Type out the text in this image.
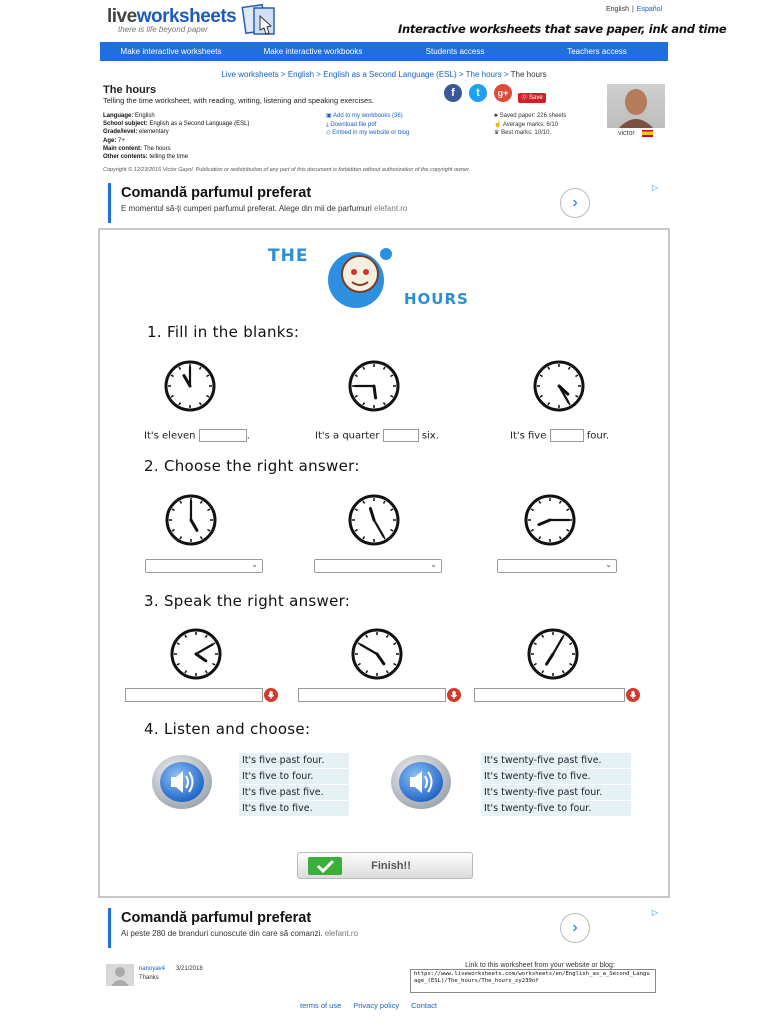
liveworksheets
there is life beyond paper
English | Español
Interactive worksheets that save paper, ink and time
Make interactive worksheets	Make interactive workbooks	Students access	Teachers access
Live worksheets > English > English as a Second Language (ESL) > The hours > The hours
The hours
Telling the time worksheet, with reading, writing, listening and speaking exercises.
Language: English
School subject: English as a Second Language (ESL)
Grade/level: elementary
Age: 7+
Main content: The hours
Other contents: telling the time
▣ Add to my workbooks (36)
⤓ Download file pdf
◇ Embed in my website or blog
♣ Saved paper: 226 sheets
☝ Average marks: 6/10
♛ Best marks: 10/10.
f	t	g+	ⓟ Save
victor
Copyright © 12/23/2016 Victor Gayol. Publication or redistribution of any part of this document is forbidden without authorization of the copyright owner.
Comandă parfumul preferat
E momentul să-ți cumperi parfumul preferat. Alege din mii de parfumuri elefant.ro	›
▷
THE
HOURS
1. Fill in the blanks:
It's eleven	.	It's a quarter	six.	It's five	four.
2. Choose the right answer:
⌄	⌄	⌄
3. Speak the right answer:
4. Listen and choose:
It's five past four.
It's five to four.
It's five past five.
It's five to five.
It's twenty-five past five.
It's twenty-five to five.
It's twenty-five past four.
It's twenty-five to four.
Finish!!
Comandă parfumul preferat
Ai peste 280 de branduri cunoscute din care să comanzi. elefant.ro	›
▷
nanoyav4 3/21/2018
Thanks
Link to this worksheet from your website or blog:
https://www.liveworksheets.com/worksheets/en/English_as_a_Second_Language_(ESL)/The_hours/The_hours_sy239of
terms of use Privacy policy Contact
